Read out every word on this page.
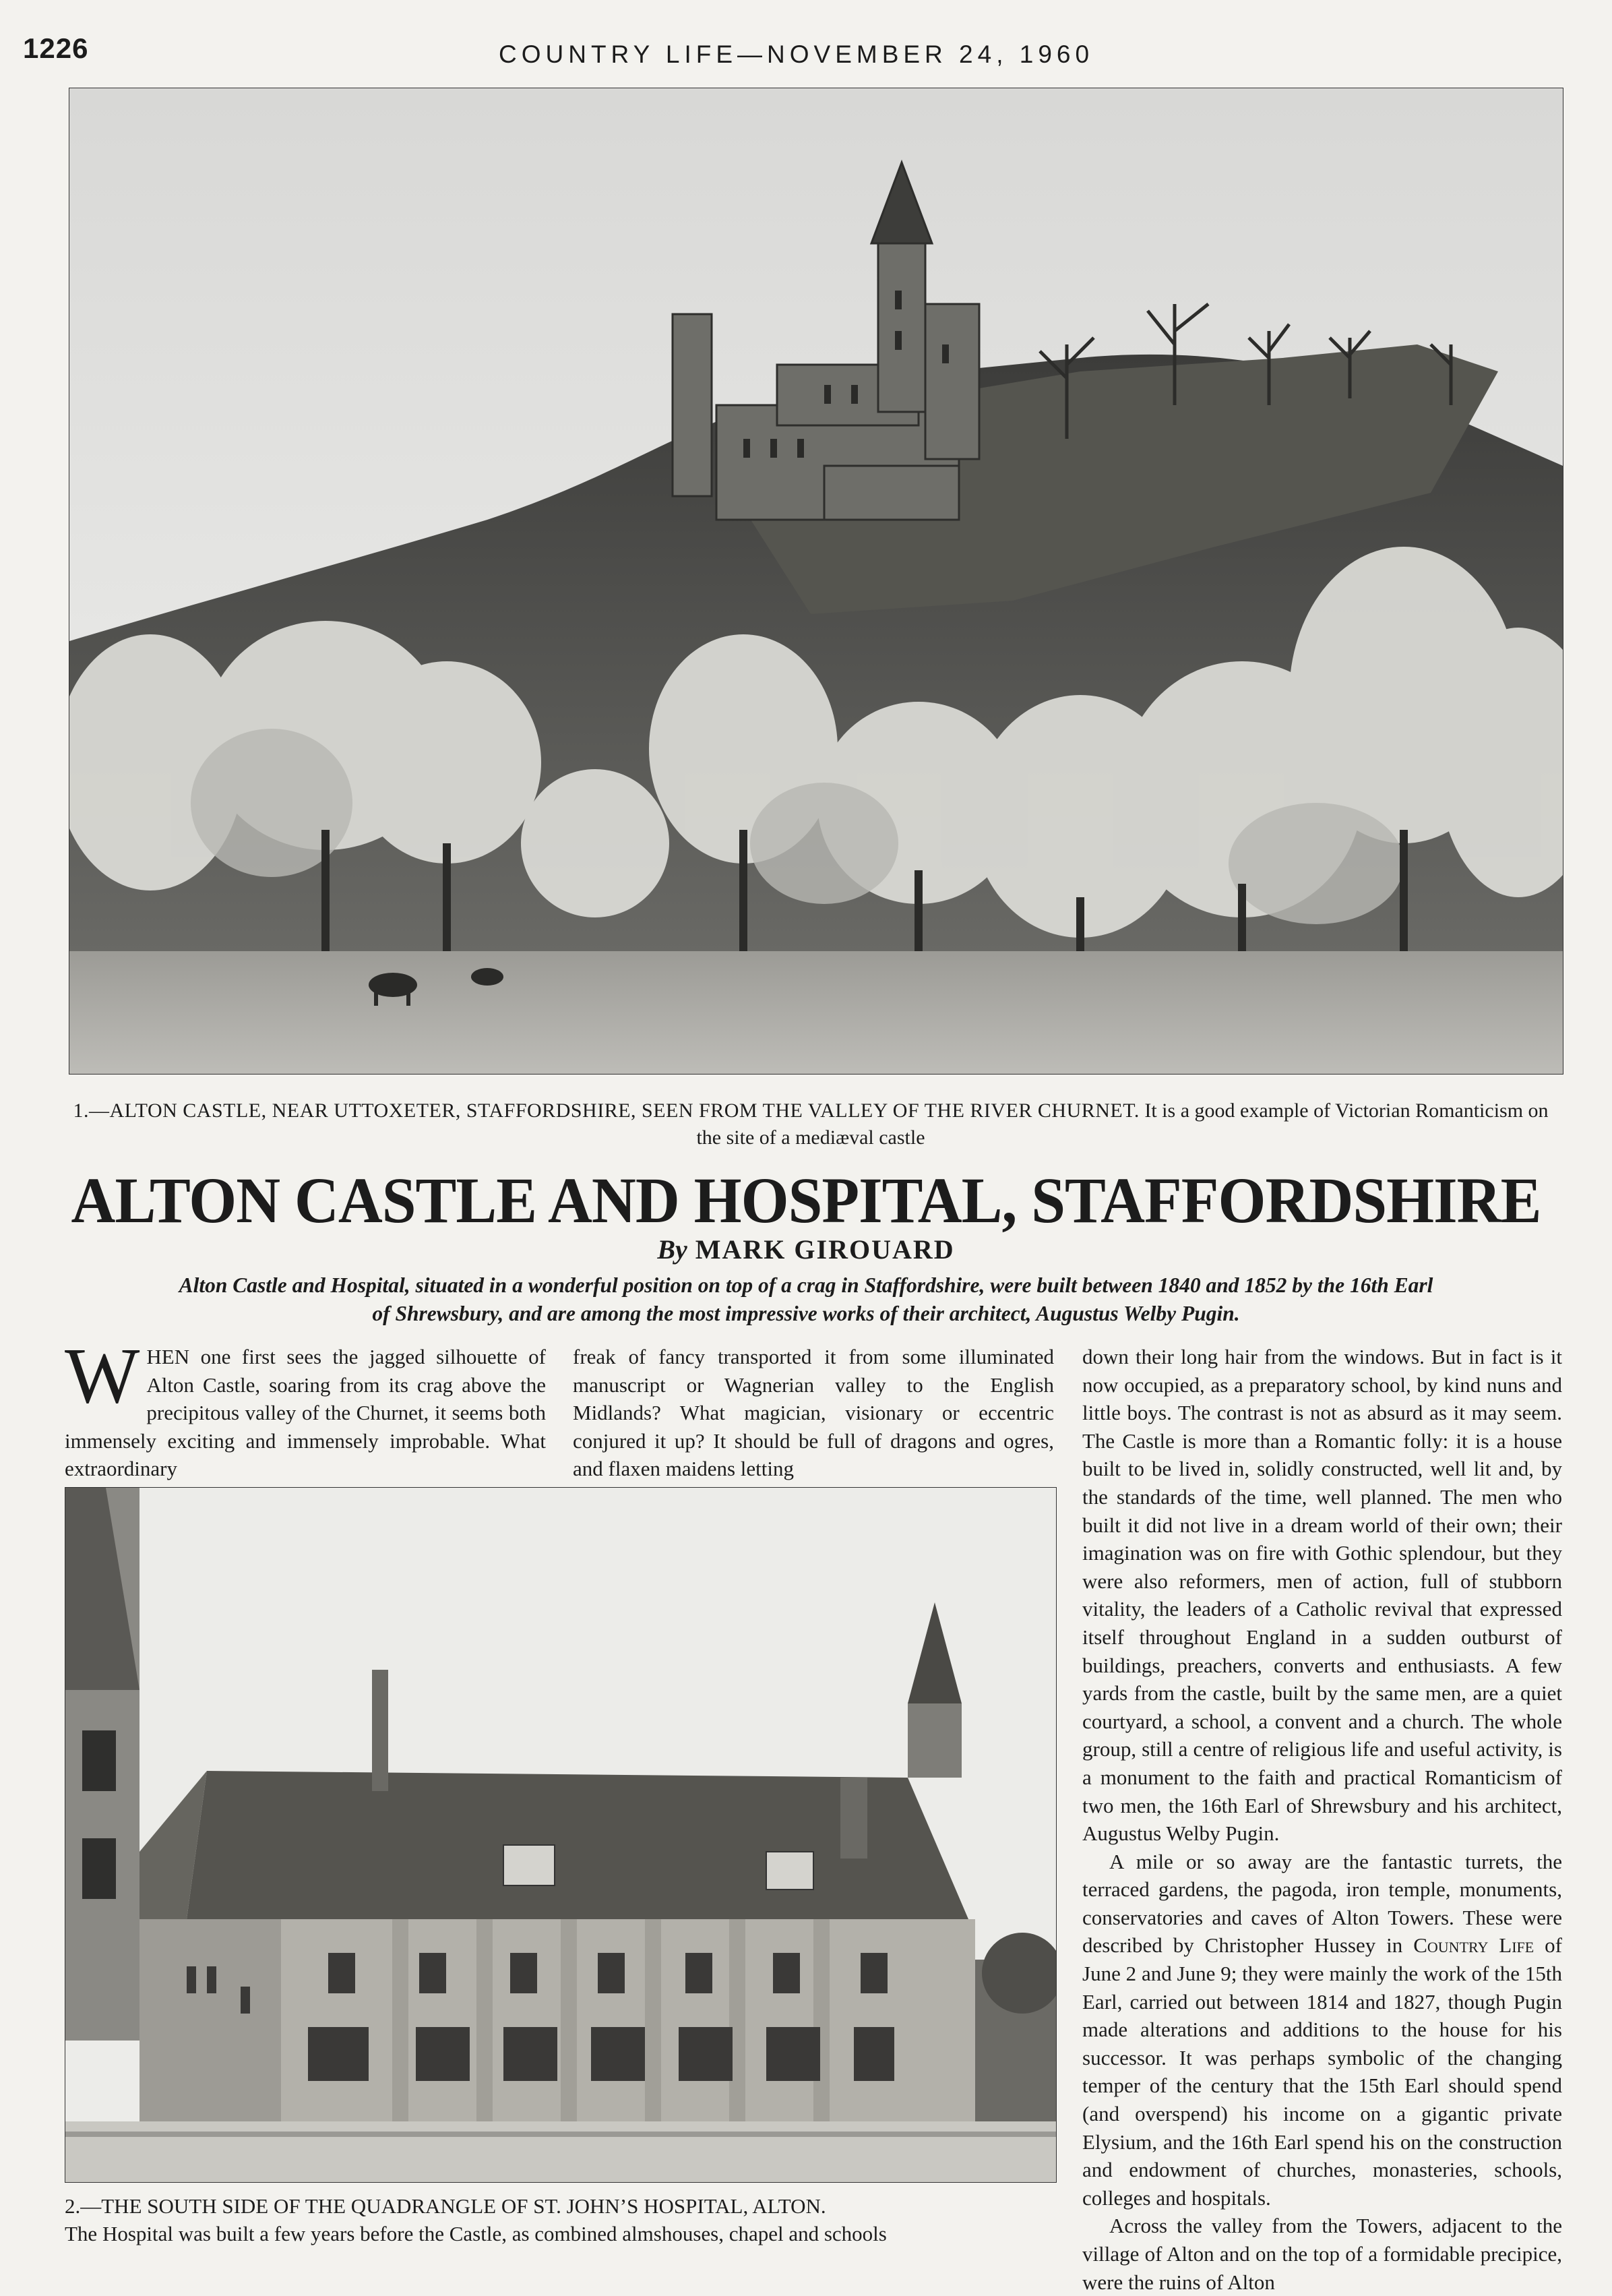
1226	COUNTRY LIFE—NOVEMBER 24, 1960
1.—ALTON CASTLE, NEAR UTTOXETER, STAFFORDSHIRE, SEEN FROM THE VALLEY OF THE RIVER CHURNET. It is a good example of Victorian Romanticism on the site of a mediæval castle
ALTON CASTLE AND HOSPITAL, STAFFORDSHIRE
By MARK GIROUARD
Alton Castle and Hospital, situated in a wonderful position on top of a crag in Staffordshire, were built between 1840 and 1852 by the 16th Earl of Shrewsbury, and are among the most impressive works of their architect, Augustus Welby Pugin.
W HEN one first sees the jagged silhouette of Alton Castle, soaring from its crag above the precipitous valley of the Churnet, it seems both immensely exciting and immensely improbable. What extraordinary
freak of fancy transported it from some illuminated manuscript or Wagnerian valley to the English Midlands? What magician, visionary or eccentric conjured it up? It should be full of dragons and ogres, and flaxen maidens letting

down their long hair from the windows. But in fact is it now occupied, as a preparatory school, by kind nuns and little boys. The contrast is not as absurd as it may seem. The Castle is more than a Romantic folly: it is a house built to be lived in, solidly constructed, well lit and, by the standards of the time, well planned. The men who built it did not live in a dream world of their own; their imagination was on fire with Gothic splendour, but they were also reformers, men of action, full of stubborn vitality, the leaders of a Catholic revival that expressed itself throughout England in a sudden outburst of buildings, preachers, converts and enthusiasts. A few yards from the castle, built by the same men, are a quiet courtyard, a school, a convent and a church. The whole group, still a centre of religious life and useful activity, is a monument to the faith and practical Romanticism of two men, the 16th Earl of Shrewsbury and his architect, Augustus Welby Pugin.

A mile or so away are the fantastic turrets, the terraced gardens, the pagoda, iron temple, monuments, conservatories and caves of Alton Towers. These were described by Christopher Hussey in Country Life of June 2 and June 9; they were mainly the work of the 15th Earl, carried out between 1814 and 1827, though Pugin made alterations and additions to the house for his successor. It was perhaps symbolic of the changing temper of the century that the 15th Earl should spend (and overspend) his income on a gigantic private Elysium, and the 16th Earl spend his on the construction and endowment of churches, monasteries, schools, colleges and hospitals.

Across the valley from the Towers, adjacent to the village of Alton and on the top of a formidable precipice, were the ruins of Alton

2.—THE SOUTH SIDE OF THE QUADRANGLE OF ST. JOHN’S HOSPITAL, ALTON.
The Hospital was built a few years before the Castle, as combined almshouses, chapel and schools
